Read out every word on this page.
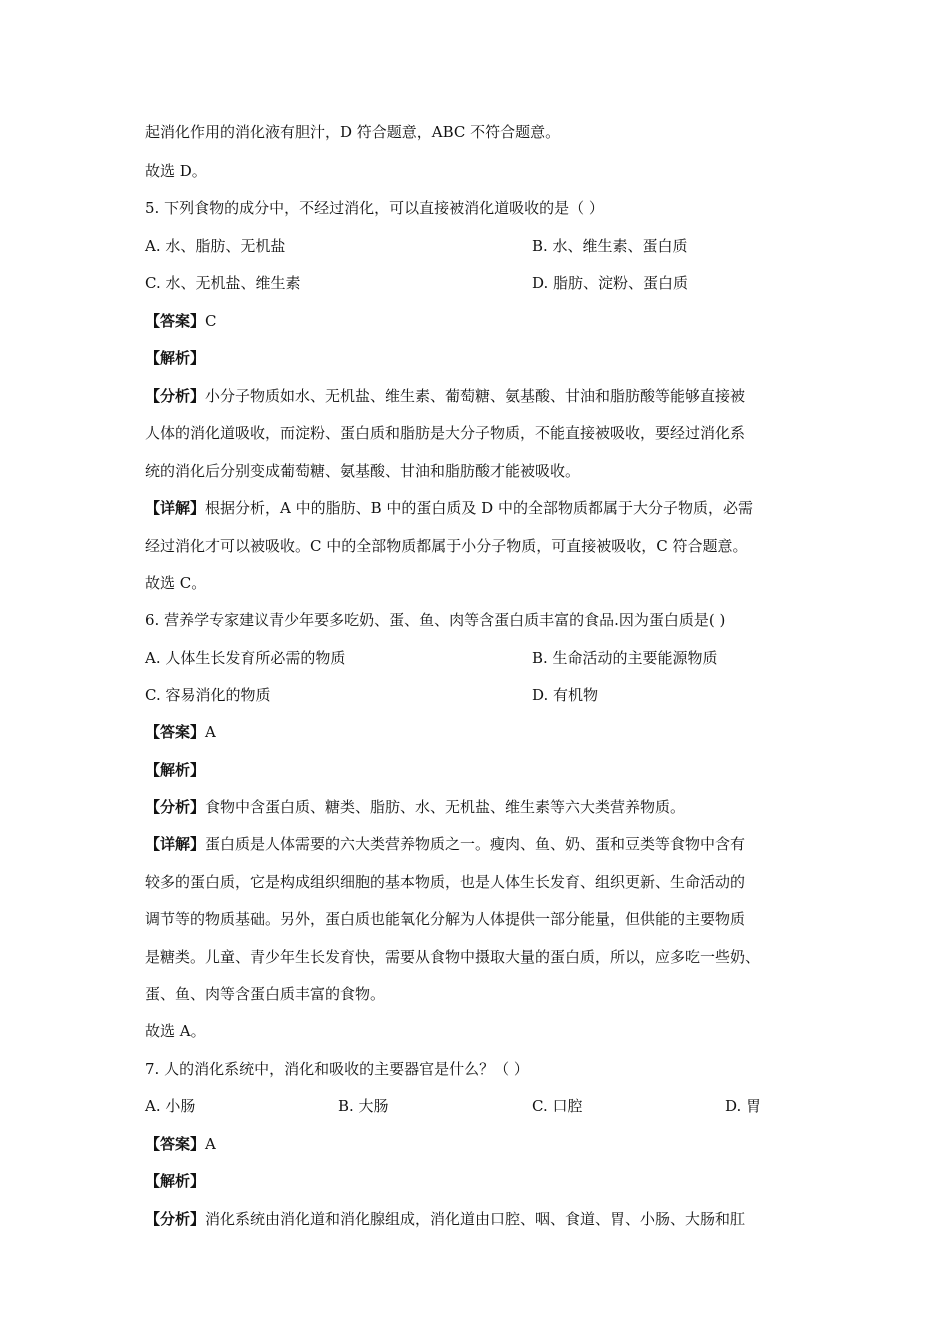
起消化作用的消化液有胆汁，D 符合题意，ABC 不符合题意。
故选 D。
5. 下列食物的成分中，不经过消化，可以直接被消化道吸收的是（ ）
A. 水、脂肪、无机盐	B. 水、维生素、蛋白质
C. 水、无机盐、维生素	D. 脂肪、淀粉、蛋白质
【答案】C
【解析】
【分析】小分子物质如水、无机盐、维生素、葡萄糖、氨基酸、甘油和脂肪酸等能够直接被
人体的消化道吸收，而淀粉、蛋白质和脂肪是大分子物质，不能直接被吸收，要经过消化系
统的消化后分别变成葡萄糖、氨基酸、甘油和脂肪酸才能被吸收。
【详解】根据分析，A 中的脂肪、B 中的蛋白质及 D 中的全部物质都属于大分子物质，必需
经过消化才可以被吸收。C 中的全部物质都属于小分子物质，可直接被吸收，C 符合题意。
故选 C。
6. 营养学专家建议青少年要多吃奶、蛋、鱼、肉等含蛋白质丰富的食品.因为蛋白质是( )
A. 人体生长发育所必需的物质	B. 生命活动的主要能源物质
C. 容易消化的物质	D. 有机物
【答案】A
【解析】
【分析】食物中含蛋白质、糖类、脂肪、水、无机盐、维生素等六大类营养物质。
【详解】蛋白质是人体需要的六大类营养物质之一。瘦肉、鱼、奶、蛋和豆类等食物中含有
较多的蛋白质，它是构成组织细胞的基本物质，也是人体生长发育、组织更新、生命活动的
调节等的物质基础。另外，蛋白质也能氧化分解为人体提供一部分能量，但供能的主要物质
是糖类。儿童、青少年生长发育快，需要从食物中摄取大量的蛋白质，所以，应多吃一些奶、
蛋、鱼、肉等含蛋白质丰富的食物。
故选 A。
7. 人的消化系统中，消化和吸收的主要器官是什么？（ ）
A. 小肠	B. 大肠	C. 口腔	D. 胃
【答案】A
【解析】
【分析】消化系统由消化道和消化腺组成，消化道由口腔、咽、食道、胃、小肠、大肠和肛
